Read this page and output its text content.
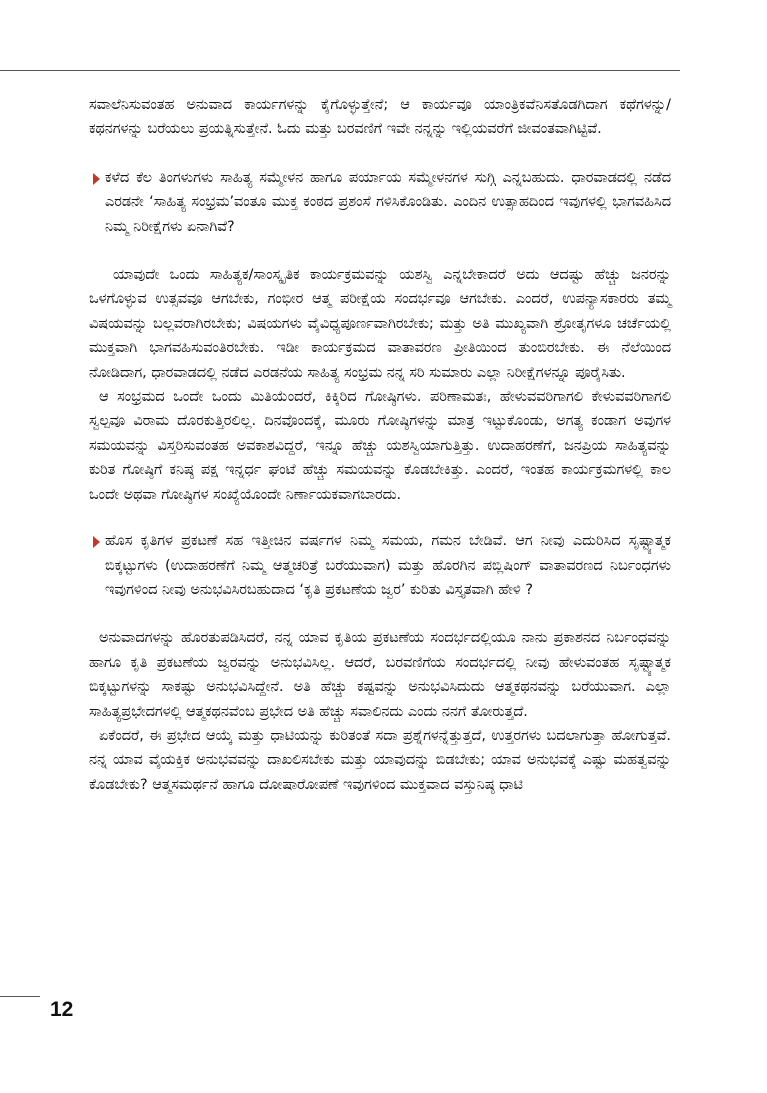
ಸವಾಲೆನಿಸುವಂತಹ ಅನುವಾದ ಕಾರ್ಯಗಳನ್ನು ಕೈಗೊಳ್ಳುತ್ತೇನೆ; ಆ ಕಾರ್ಯವೂ ಯಾಂತ್ರಿಕವೆನಿಸತೊಡಗಿದಾಗ ಕಥೆಗಳನ್ನು/ ಕಥನಗಳನ್ನು ಬರೆಯಲು ಪ್ರಯತ್ನಿಸುತ್ತೇನೆ. ಓದು ಮತ್ತು ಬರವಣಿಗೆ ಇವೇ ನನ್ನನ್ನು ಇಲ್ಲಿಯವರೆಗೆ ಜೀವಂತವಾಗಿಟ್ಟಿವೆ.

ಕಳೆದ ಕೆಲ ತಿಂಗಳುಗಳು ಸಾಹಿತ್ಯ ಸಮ್ಮೇಳನ ಹಾಗೂ ಪರ್ಯಾಯ ಸಮ್ಮೇಳನಗಳ ಸುಗ್ಗಿ ಎನ್ನಬಹುದು. ಧಾರವಾಡದಲ್ಲಿ ನಡೆದ ಎರಡನೇ ‘ಸಾಹಿತ್ಯ ಸಂಭ್ರಮ’ವಂತೂ ಮುಕ್ತ ಕಂಠದ ಪ್ರಶಂಸೆ ಗಳಿಸಿಕೊಂಡಿತು. ಎಂದಿನ ಉತ್ಸಾಹದಿಂದ ಇವುಗಳಲ್ಲಿ ಭಾಗವಹಿಸಿದ ನಿಮ್ಮ ನಿರೀಕ್ಷೆಗಳು ಏನಾಗಿವೆ?

ಯಾವುದೇ ಒಂದು ಸಾಹಿತ್ಯಕ/ಸಾಂಸ್ಕೃತಿಕ ಕಾರ್ಯಕ್ರಮವನ್ನು ಯಶಸ್ವಿ ಎನ್ನಬೇಕಾದರೆ ಅದು ಆದಷ್ಟು ಹೆಚ್ಚು ಜನರನ್ನು ಒಳಗೊಳ್ಳುವ ಉತ್ಸವವೂ ಆಗಬೇಕು, ಗಂಭೀರ ಆತ್ಮ ಪರೀಕ್ಷೆಯ ಸಂದರ್ಭವೂ ಆಗಬೇಕು. ಎಂದರೆ, ಉಪನ್ಯಾಸಕಾರರು ತಮ್ಮ ವಿಷಯವನ್ನು ಬಲ್ಲವರಾಗಿರಬೇಕು; ವಿಷಯಗಳು ವೈವಿಧ್ಯಪೂರ್ಣವಾಗಿರಬೇಕು; ಮತ್ತು ಅತಿ ಮುಖ್ಯವಾಗಿ ಶ್ರೋತೃಗಳೂ ಚರ್ಚೆಯಲ್ಲಿ ಮುಕ್ತವಾಗಿ ಭಾಗವಹಿಸುವಂತಿರಬೇಕು. ಇಡೀ ಕಾರ್ಯಕ್ರಮದ ವಾತಾವರಣ ಪ್ರೀತಿಯಿಂದ ತುಂಬಿರಬೇಕು. ಈ ನೆಲೆಯಿಂದ ನೋಡಿದಾಗ, ಧಾರವಾಡದಲ್ಲಿ ನಡೆದ ಎರಡನೆಯ ಸಾಹಿತ್ಯ ಸಂಭ್ರಮ ನನ್ನ ಸರಿ ಸುಮಾರು ಎಲ್ಲಾ ನಿರೀಕ್ಷೆಗಳನ್ನೂ ಪೂರೈಸಿತು.

ಆ ಸಂಭ್ರಮದ ಒಂದೇ ಒಂದು ಮಿತಿಯೆಂದರೆ, ಕಿಕ್ಕಿರಿದ ಗೋಷ್ಠಿಗಳು. ಪರಿಣಾಮತಃ, ಹೇಳುವವರಿಗಾಗಲಿ ಕೇಳುವವರಿಗಾಗಲಿ ಸ್ವಲ್ಪವೂ ವಿರಾಮ ದೊರಕುತ್ತಿರಲಿಲ್ಲ. ದಿನವೊಂದಕ್ಕೆ, ಮೂರು ಗೋಷ್ಠಿಗಳನ್ನು ಮಾತ್ರ ಇಟ್ಟುಕೊಂಡು, ಅಗತ್ಯ ಕಂಡಾಗ ಅವುಗಳ ಸಮಯವನ್ನು ವಿಸ್ತರಿಸುವಂತಹ ಅವಕಾಶವಿದ್ದರೆ, ಇನ್ನೂ ಹೆಚ್ಚು ಯಶಸ್ವಿಯಾಗುತ್ತಿತ್ತು. ಉದಾಹರಣೆಗೆ, ಜನಪ್ರಿಯ ಸಾಹಿತ್ಯವನ್ನು ಕುರಿತ ಗೋಷ್ಠಿಗೆ ಕನಿಷ್ಠ ಪಕ್ಷ ಇನ್ನರ್ಧ ಘಂಟೆ ಹೆಚ್ಚು ಸಮಯವನ್ನು ಕೊಡಬೇಕಿತ್ತು. ಎಂದರೆ, ಇಂತಹ ಕಾರ್ಯಕ್ರಮಗಳಲ್ಲಿ ಕಾಲ ಒಂದೇ ಅಥವಾ ಗೋಷ್ಠಿಗಳ ಸಂಖ್ಯೆಯೊಂದೇ ನಿರ್ಣಾಯಕವಾಗಬಾರದು.

ಹೊಸ ಕೃತಿಗಳ ಪ್ರಕಟಣೆ ಸಹ ಇತ್ತೀಚಿನ ವರ್ಷಗಳ ನಿಮ್ಮ ಸಮಯ, ಗಮನ ಬೇಡಿವೆ. ಆಗ ನೀವು ಎದುರಿಸಿದ ಸೃಷ್ಟ್ಯಾತ್ಮಕ ಬಿಕ್ಕಟ್ಟುಗಳು (ಉದಾಹರಣೆಗೆ ನಿಮ್ಮ ಆತ್ಮಚರಿತ್ರೆ ಬರೆಯುವಾಗ) ಮತ್ತು ಹೊರಗಿನ ಪಬ್ಲಿಷಿಂಗ್ ವಾತಾವರಣದ ನಿರ್ಬಂಧಗಳು ಇವುಗಳಿಂದ ನೀವು ಅನುಭವಿಸಿರಬಹುದಾದ ‘ಕೃತಿ ಪ್ರಕಟಣೆಯ ಜ್ವರ’ ಕುರಿತು ವಿಸ್ತೃತವಾಗಿ ಹೇಳಿ ?

ಅನುವಾದಗಳನ್ನು ಹೊರತುಪಡಿಸಿದರೆ, ನನ್ನ ಯಾವ ಕೃತಿಯ ಪ್ರಕಟಣೆಯ ಸಂದರ್ಭದಲ್ಲಿಯೂ ನಾನು ಪ್ರಕಾಶನದ ನಿರ್ಬಂಧವನ್ನು ಹಾಗೂ ಕೃತಿ ಪ್ರಕಟಣೆಯ ಜ್ವರವನ್ನು ಅನುಭವಿಸಿಲ್ಲ. ಆದರೆ, ಬರವಣಿಗೆಯ ಸಂದರ್ಭದಲ್ಲಿ ನೀವು ಹೇಳುವಂತಹ ಸೃಷ್ಟ್ಯಾತ್ಮಕ ಬಿಕ್ಕಟ್ಟುಗಳನ್ನು ಸಾಕಷ್ಟು ಅನುಭವಿಸಿದ್ದೇನೆ. ಅತಿ ಹೆಚ್ಚು ಕಷ್ಟವನ್ನು ಅನುಭವಿಸಿದುದು ಆತ್ಮಕಥನವನ್ನು ಬರೆಯುವಾಗ. ಎಲ್ಲಾ ಸಾಹಿತ್ಯಪ್ರಭೇದಗಳಲ್ಲಿ ಆತ್ಮಕಥನವೆಂಬ ಪ್ರಭೇದ ಅತಿ ಹೆಚ್ಚು ಸವಾಲಿನದು ಎಂದು ನನಗೆ ತೋರುತ್ತದೆ.

ಏಕೆಂದರೆ, ಈ ಪ್ರಭೇದ ಆಯ್ಕೆ ಮತ್ತು ಧಾಟಿಯನ್ನು ಕುರಿತಂತೆ ಸದಾ ಪ್ರಶ್ನೆಗಳನ್ನೆತ್ತುತ್ತದೆ, ಉತ್ತರಗಳು ಬದಲಾಗುತ್ತಾ ಹೋಗುತ್ತವೆ. ನನ್ನ ಯಾವ ವೈಯಕ್ತಿಕ ಅನುಭವವನ್ನು ದಾಖಲಿಸಬೇಕು ಮತ್ತು ಯಾವುದನ್ನು ಬಿಡಬೇಕು; ಯಾವ ಅನುಭವಕ್ಕೆ ಎಷ್ಟು ಮಹತ್ವವನ್ನು ಕೊಡಬೇಕು? ಆತ್ಮಸಮರ್ಥನೆ ಹಾಗೂ ದೋಷಾರೋಪಣೆ ಇವುಗಳಿಂದ ಮುಕ್ತವಾದ ವಸ್ತುನಿಷ್ಠ ಧಾಟಿ

12
